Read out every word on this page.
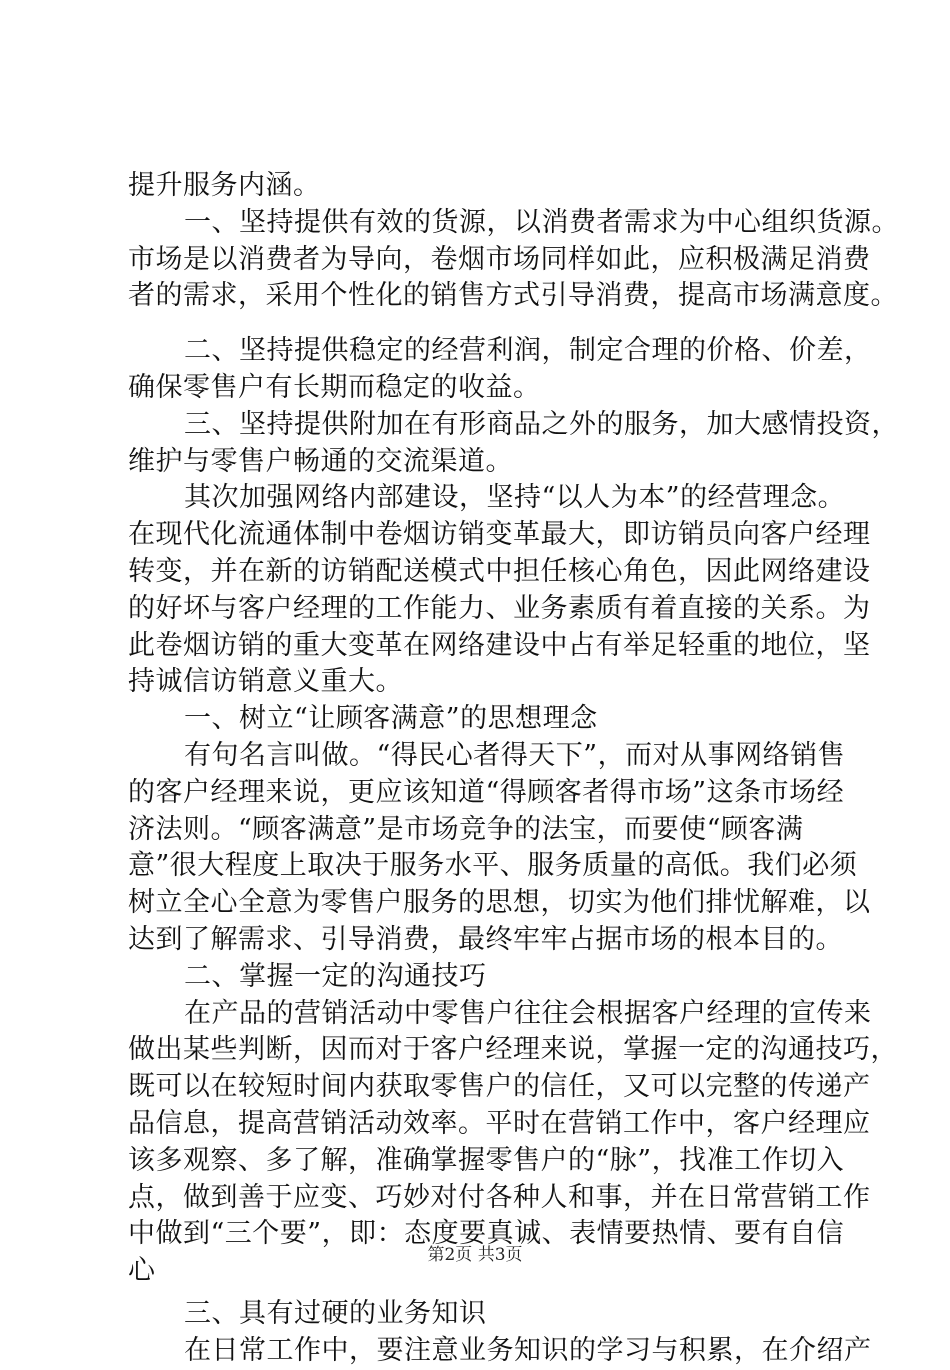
提升服务内涵。
一、坚持提供有效的货源，以消费者需求为中心组织货源。
市场是以消费者为导向，卷烟市场同样如此，应积极满足消费
者的需求，采用个性化的销售方式引导消费，提高市场满意度。
二、坚持提供稳定的经营利润，制定合理的价格、价差，
确保零售户有长期而稳定的收益。
三、坚持提供附加在有形商品之外的服务，加大感情投资，
维护与零售户畅通的交流渠道。
其次加强网络内部建设，坚持“以人为本”的经营理念。
在现代化流通体制中卷烟访销变革最大，即访销员向客户经理
转变，并在新的访销配送模式中担任核心角色，因此网络建设
的好坏与客户经理的工作能力、业务素质有着直接的关系。为
此卷烟访销的重大变革在网络建设中占有举足轻重的地位，坚
持诚信访销意义重大。
一、树立“让顾客满意”的思想理念
有句名言叫做。“得民心者得天下”，而对从事网络销售
的客户经理来说，更应该知道“得顾客者得市场”这条市场经
济法则。“顾客满意”是市场竞争的法宝，而要使“顾客满
意”很大程度上取决于服务水平、服务质量的高低。我们必须
树立全心全意为零售户服务的思想，切实为他们排忧解难，以
达到了解需求、引导消费，最终牢牢占据市场的根本目的。
二、掌握一定的沟通技巧
在产品的营销活动中零售户往往会根据客户经理的宣传来
做出某些判断，因而对于客户经理来说，掌握一定的沟通技巧，
既可以在较短时间内获取零售户的信任，又可以完整的传递产
品信息，提高营销活动效率。平时在营销工作中，客户经理应
该多观察、多了解，准确掌握零售户的“脉”，找准工作切入
点，做到善于应变、巧妙对付各种人和事，并在日常营销工作
中做到“三个要”，即：态度要真诚、表情要热情、要有自信
心
三、具有过硬的业务知识
在日常工作中，要注意业务知识的学习与积累，在介绍产
第2页 共3页
